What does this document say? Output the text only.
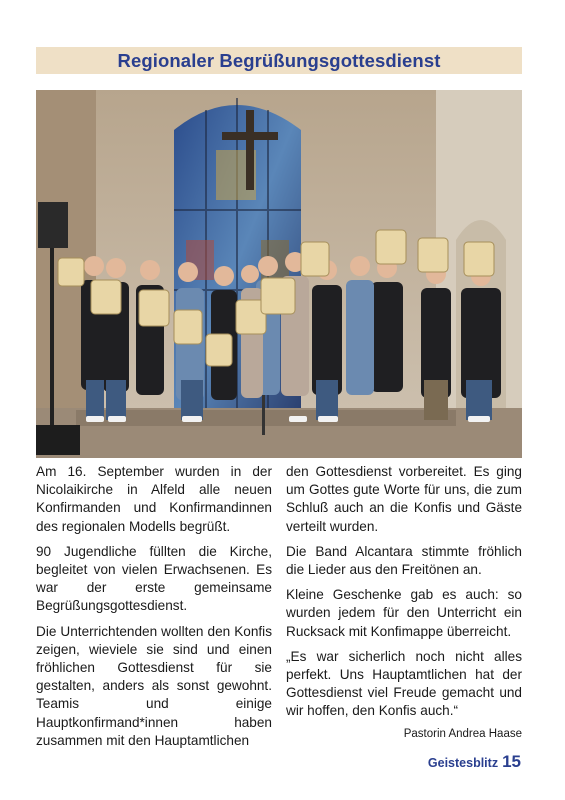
Regionaler Begrüßungsgottesdienst

Am 16. September wurden in der Nicolaikirche in Alfeld alle neuen Konfirmanden und Konfirmandinnen des regionalen Modells begrüßt.

90 Jugendliche füllten die Kirche, begleitet von vielen Erwachsenen. Es war der erste gemeinsame Begrüßungsgottesdienst.

Die Unterrichtenden wollten den Konfis zeigen, wieviele sie sind und einen fröhlichen Gottesdienst für sie gestalten, anders als sonst gewohnt. Teamis und einige Hauptkonfirmand*innen haben zusammen mit den Hauptamtlichen

den Gottesdienst vorbereitet. Es ging um Gottes gute Worte für uns, die zum Schluß auch an die Konfis und Gäste verteilt wurden.

Die Band Alcantara stimmte fröhlich die Lieder aus den Freitönen an.

Kleine Geschenke gab es auch: so wurden jedem für den Unterricht ein Rucksack mit Konfimappe überreicht.

„Es war sicherlich noch nicht alles perfekt. Uns Hauptamtlichen hat der Gottesdienst viel Freude gemacht und wir hoffen, den Konfis auch.“

Pastorin Andrea Haase
Geistesblitz 15
